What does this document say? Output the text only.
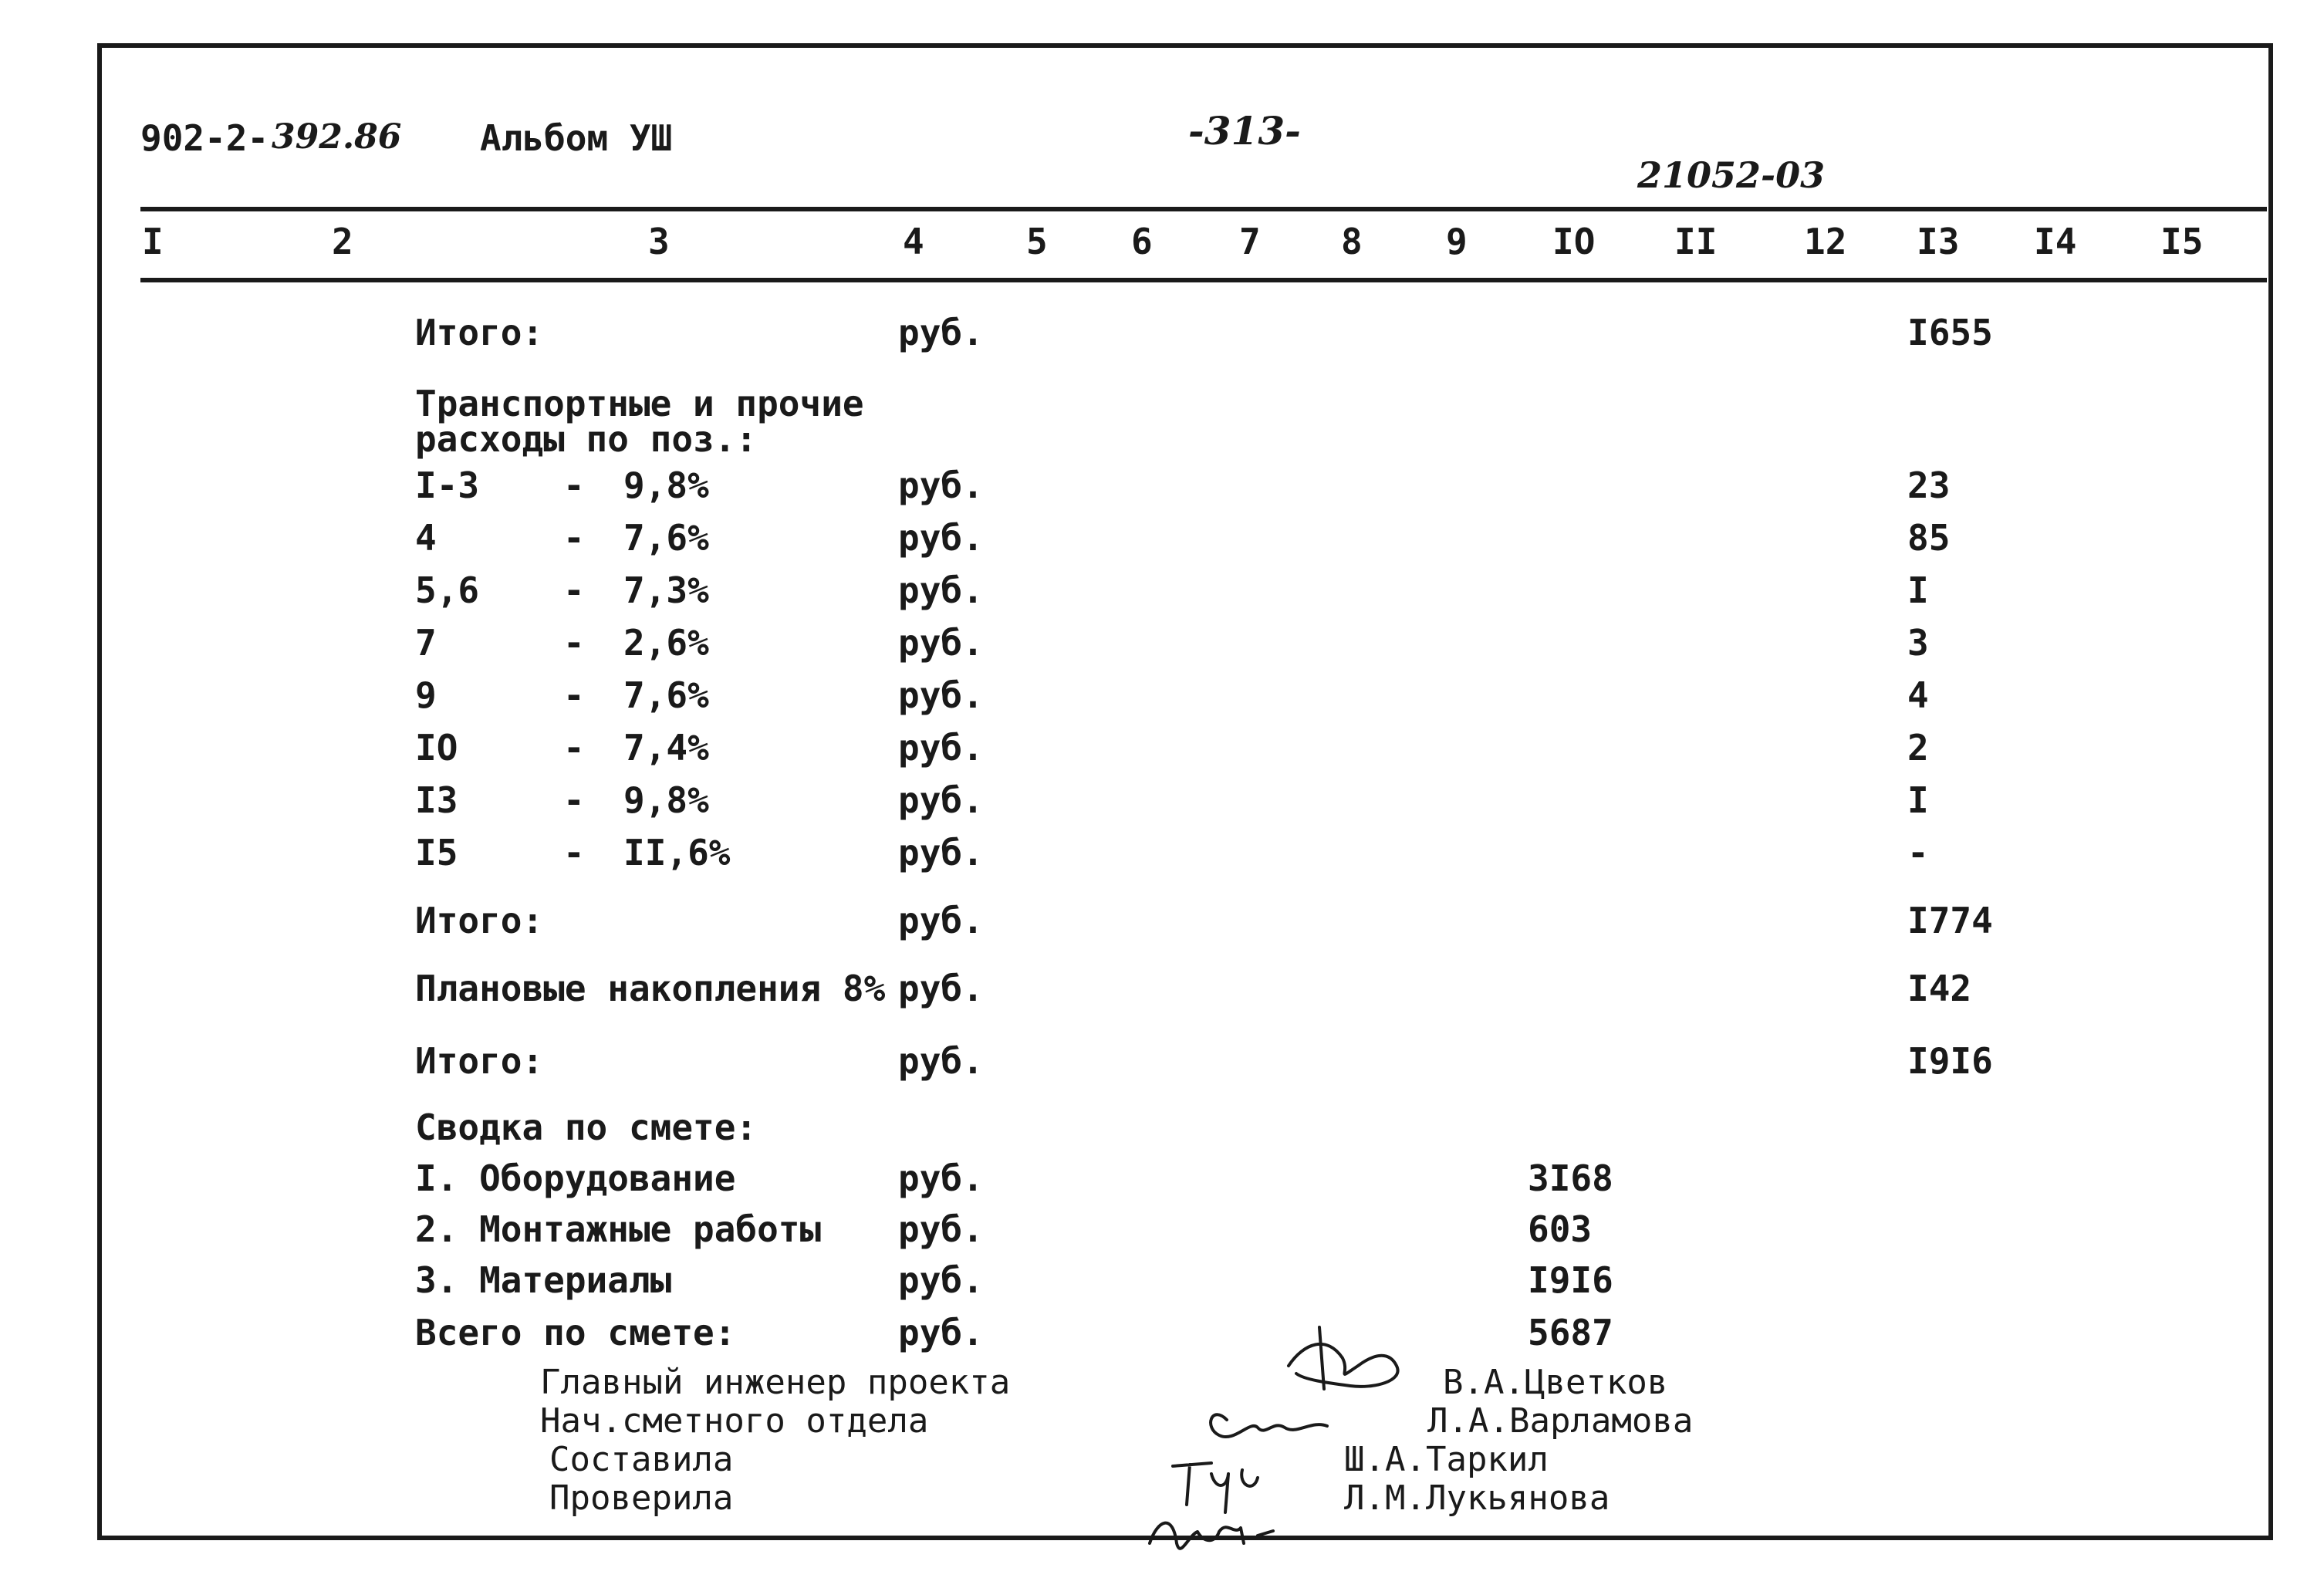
902-2- 392.86 Альбом УШ	-313-
21052-03
I	2	3	4	5 6 7 8 9 IO II 12 I3 I4 I5
Итого:	руб.	I655
Транспортные и прочие
расходы по поз.:
I-3 - 9,8%	руб.	23
4	- 7,6%	руб.	85
5,6 - 7,3%	руб.	I
7	- 2,6%	руб.	3
9	- 7,6%	руб.	4
IO	- 7,4%	руб.	2
I3	- 9,8%	руб.	I
I5	- II,6%	руб.	-
Итого:	руб.	I774
Плановые накопления 8% руб.	I42
Итого:	руб.	I9I6
Сводка по смете:
I. Оборудование	руб.	3I68
2. Монтажные работы руб.	603
3. Материалы	руб.	I9I6
Всего по смете:	руб.	5687
Главный инженер проекта	В.А.Цветков
Нач.сметного отдела	Л.А.Варламова
Составила	Ш.А.Таркил
Проверила	Л.М.Лукьянова
